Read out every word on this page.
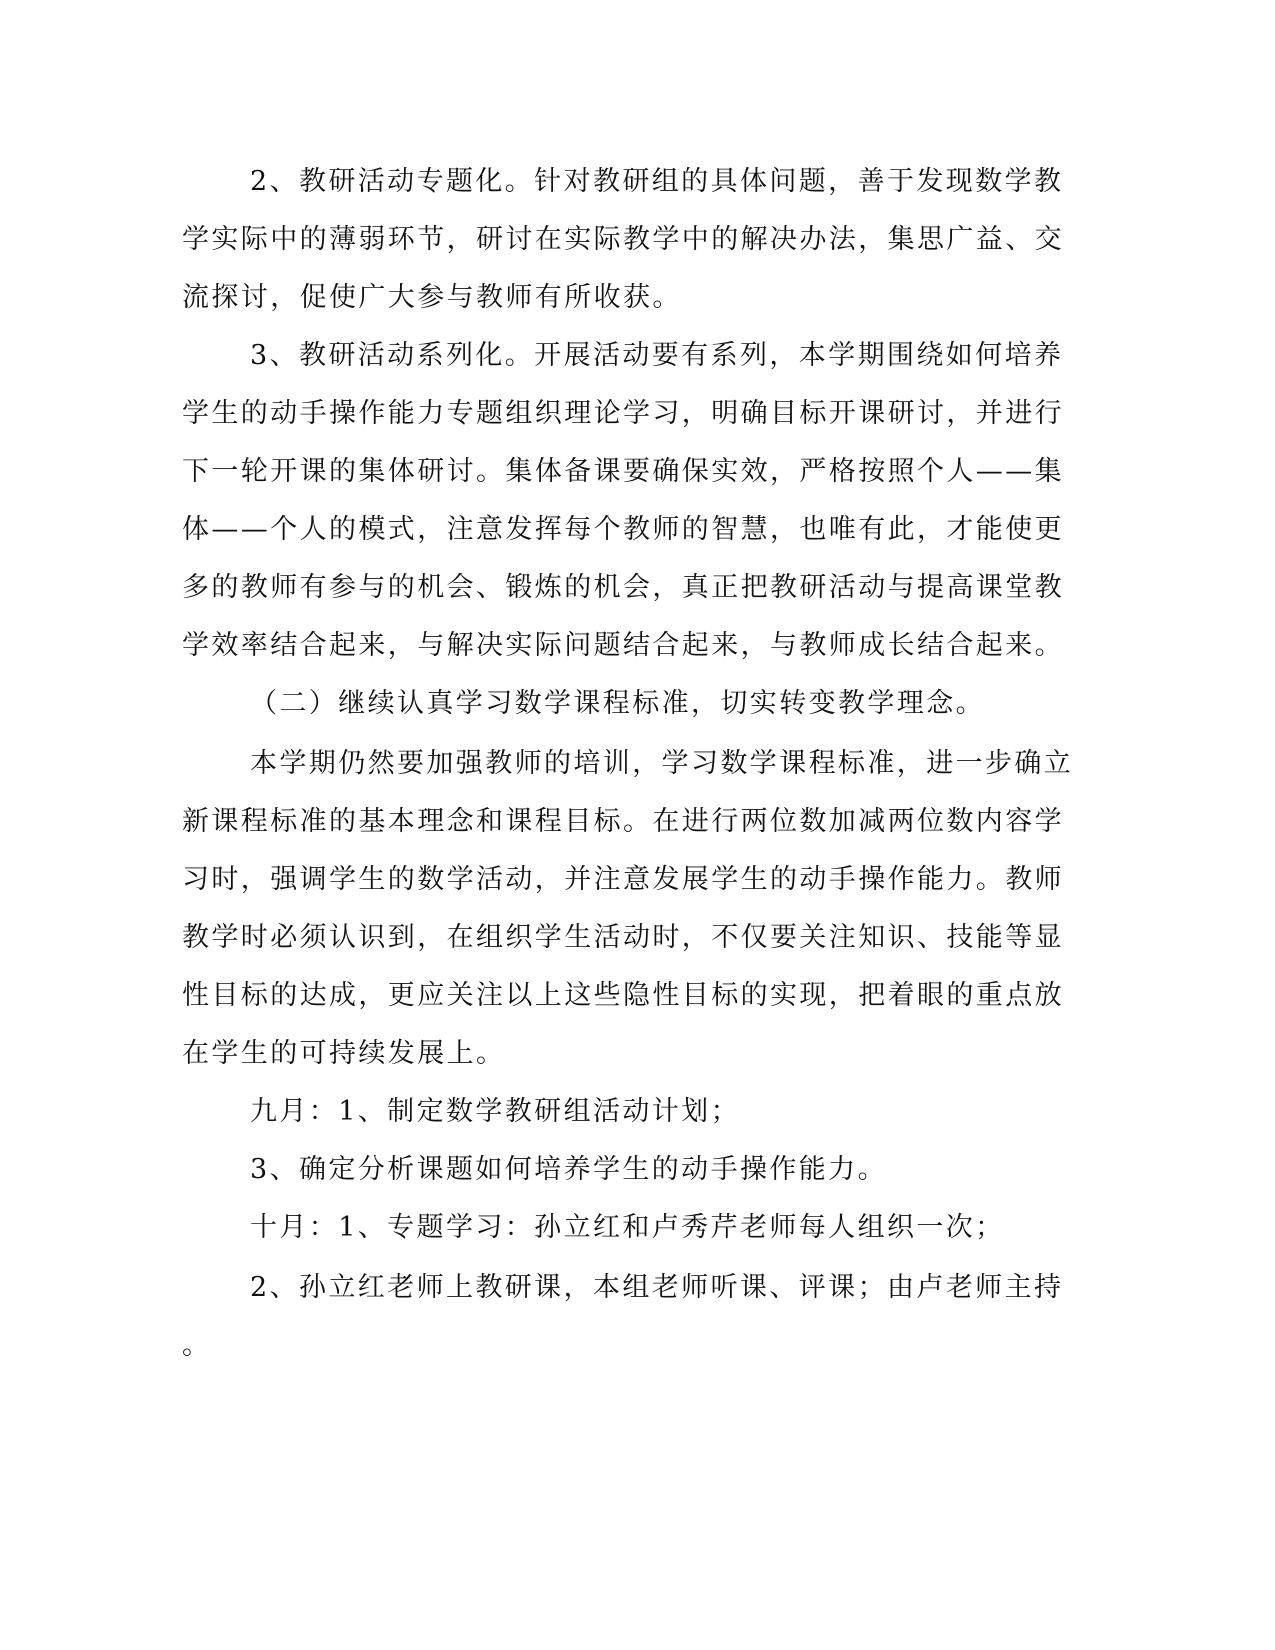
2、教研活动专题化。针对教研组的具体问题，善于发现数学教
学实际中的薄弱环节，研讨在实际教学中的解决办法，集思广益、交
流探讨，促使广大参与教师有所收获。
3、教研活动系列化。开展活动要有系列，本学期围绕如何培养
学生的动手操作能力专题组织理论学习，明确目标开课研讨，并进行
下一轮开课的集体研讨。集体备课要确保实效，严格按照个人——集
体——个人的模式，注意发挥每个教师的智慧，也唯有此，才能使更
多的教师有参与的机会、锻炼的机会，真正把教研活动与提高课堂教
学效率结合起来，与解决实际问题结合起来，与教师成长结合起来。
（二）继续认真学习数学课程标准，切实转变教学理念。
本学期仍然要加强教师的培训，学习数学课程标准，进一步确立
新课程标准的基本理念和课程目标。在进行两位数加减两位数内容学
习时，强调学生的数学活动，并注意发展学生的动手操作能力。教师
教学时必须认识到，在组织学生活动时，不仅要关注知识、技能等显
性目标的达成，更应关注以上这些隐性目标的实现，把着眼的重点放
在学生的可持续发展上。
九月：1、制定数学教研组活动计划；
3、确定分析课题如何培养学生的动手操作能力。
十月：1、专题学习：孙立红和卢秀芹老师每人组织一次；
2、孙立红老师上教研课，本组老师听课、评课；由卢老师主持
。
